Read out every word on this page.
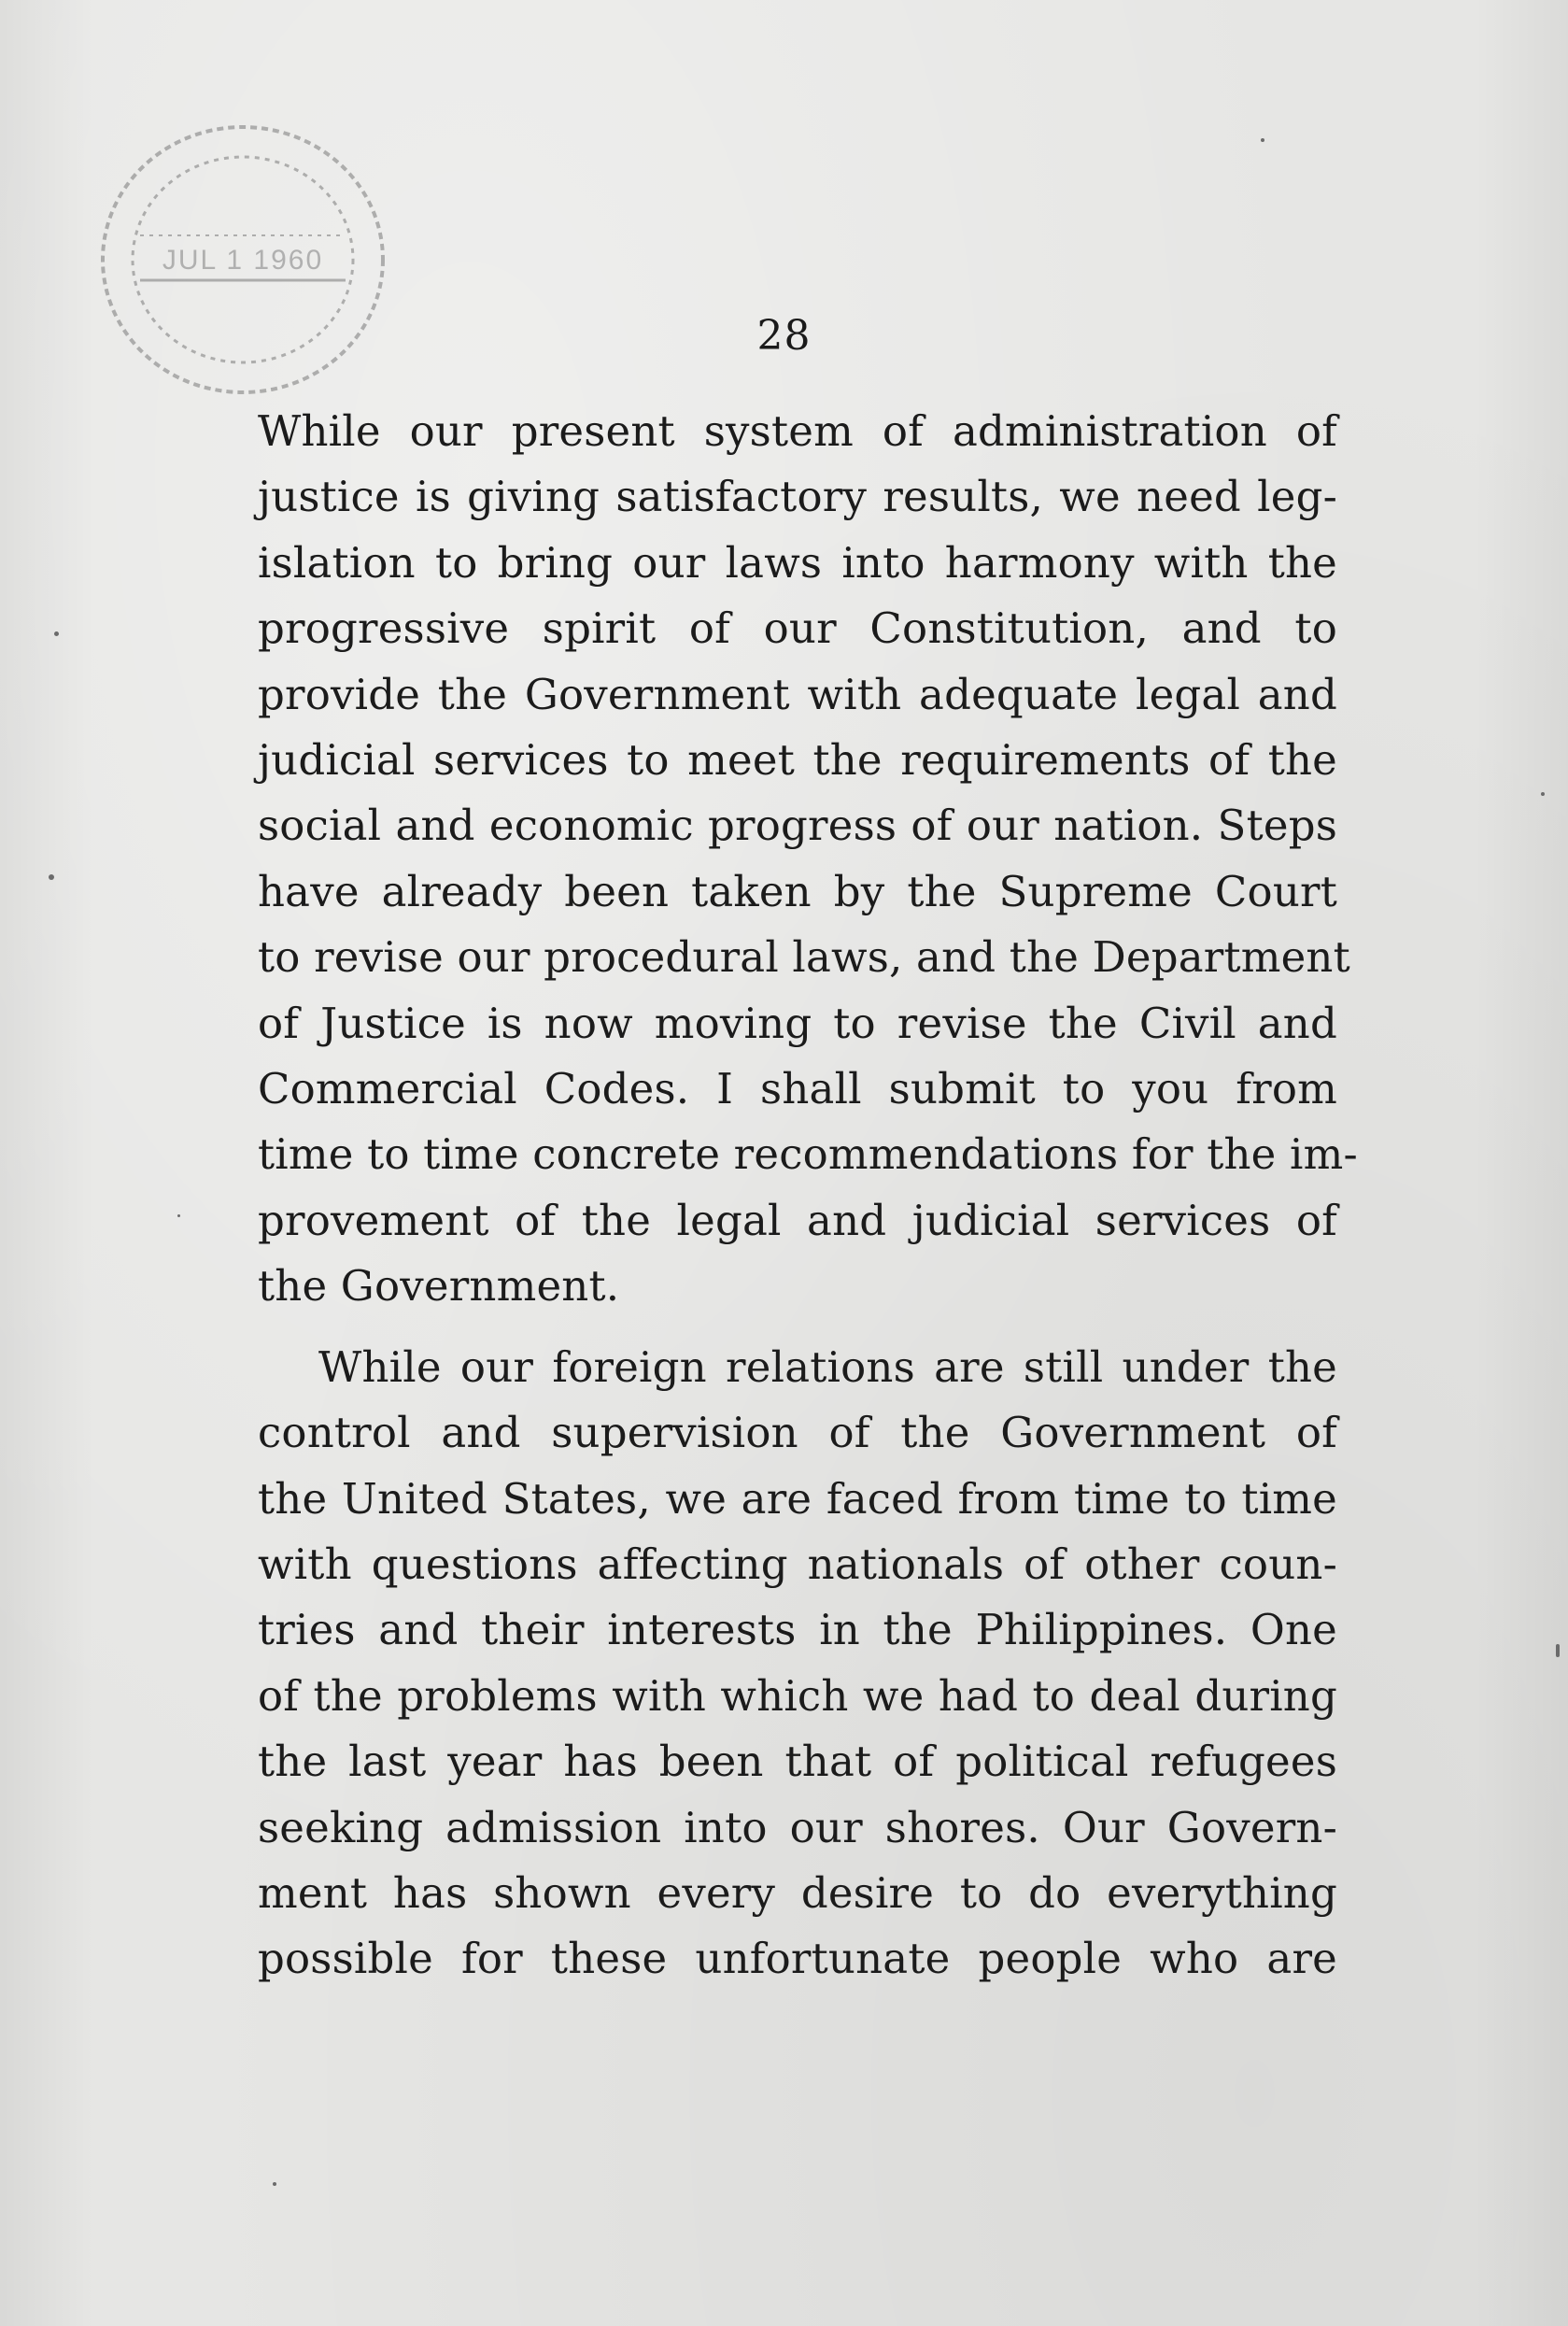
JUL 1 1960
28

While our present system of administration of
justice is giving satisfactory results, we need leg-
islation to bring our laws into harmony with the
progressive spirit of our Constitution, and to
provide the Government with adequate legal and
judicial services to meet the requirements of the
social and economic progress of our nation. Steps
have already been taken by the Supreme Court
to revise our procedural laws, and the Department
of Justice is now moving to revise the Civil and
Commercial Codes. I shall submit to you from
time to time concrete recommendations for the im-
provement of the legal and judicial services of
the Government.

While our foreign relations are still under the
control and supervision of the Government of
the United States, we are faced from time to time
with questions affecting nationals of other coun-
tries and their interests in the Philippines. One
of the problems with which we had to deal during
the last year has been that of political refugees
seeking admission into our shores. Our Govern-
ment has shown every desire to do everything
possible for these unfortunate people who are
